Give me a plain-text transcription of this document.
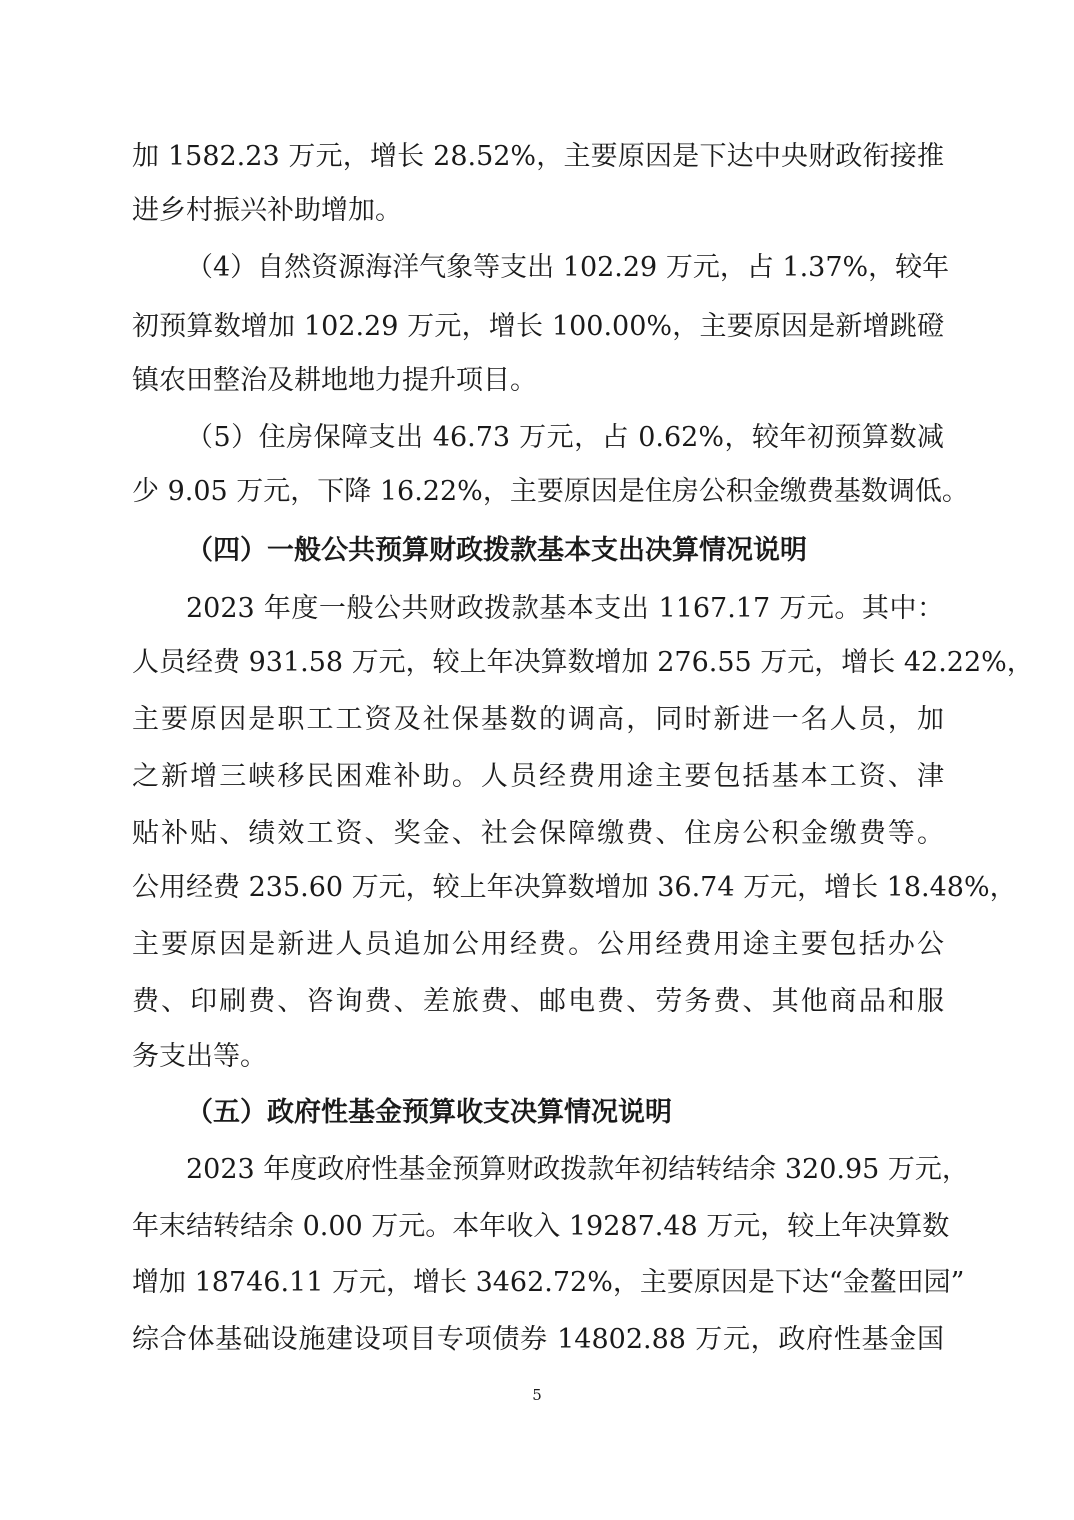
加 1582.23 万元，增长 28.52%，主要原因是下达中央财政衔接推
进乡村振兴补助增加。
（4）自然资源海洋气象等支出 102.29 万元，占 1.37%，较年
初预算数增加 102.29 万元，增长 100.00%，主要原因是新增跳磴
镇农田整治及耕地地力提升项目。
（5）住房保障支出 46.73 万元，占 0.62%，较年初预算数减
少 9.05 万元，下降 16.22%，主要原因是住房公积金缴费基数调低。
（四）一般公共预算财政拨款基本支出决算情况说明
2023 年度一般公共财政拨款基本支出 1167.17 万元。其中：
人员经费 931.58 万元，较上年决算数增加 276.55 万元，增长 42.22%，
主要原因是职工工资及社保基数的调高，同时新进一名人员，加
之新增三峡移民困难补助。人员经费用途主要包括基本工资、津
贴补贴、绩效工资、奖金、社会保障缴费、住房公积金缴费等。
公用经费 235.60 万元，较上年决算数增加 36.74 万元，增长 18.48%，
主要原因是新进人员追加公用经费。公用经费用途主要包括办公
费、印刷费、咨询费、差旅费、邮电费、劳务费、其他商品和服
务支出等。
（五）政府性基金预算收支决算情况说明
2023 年度政府性基金预算财政拨款年初结转结余 320.95 万元，
年末结转结余 0.00 万元。本年收入 19287.48 万元，较上年决算数
增加 18746.11 万元，增长 3462.72%，主要原因是下达“金鳌田园”
综合体基础设施建设项目专项债券 14802.88 万元，政府性基金国
5
